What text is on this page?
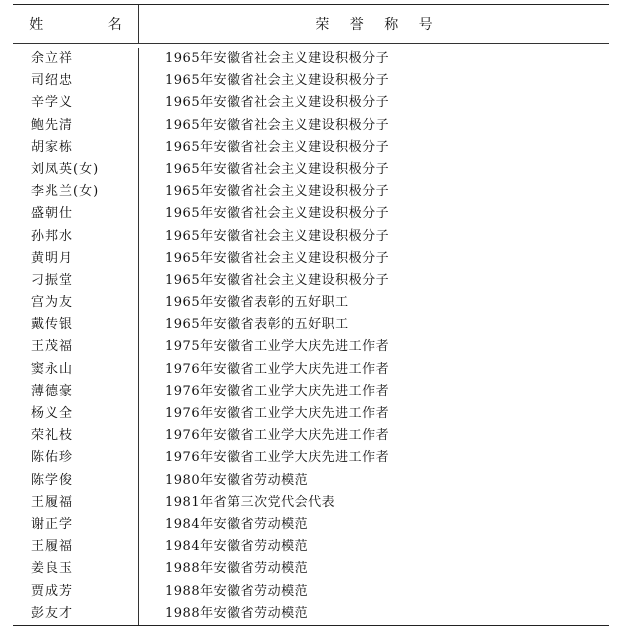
姓 名	荣 誉 称 号
余立祥	1965年安徽省社会主义建设积极分子
司绍忠	1965年安徽省社会主义建设积极分子
辛学义	1965年安徽省社会主义建设积极分子
鲍先清	1965年安徽省社会主义建设积极分子
胡家栋	1965年安徽省社会主义建设积极分子
刘凤英(女)	1965年安徽省社会主义建设积极分子
李兆兰(女)	1965年安徽省社会主义建设积极分子
盛朝仕	1965年安徽省社会主义建设积极分子
孙邦水	1965年安徽省社会主义建设积极分子
黄明月	1965年安徽省社会主义建设积极分子
刁振堂	1965年安徽省社会主义建设积极分子
宫为友	1965年安徽省表彰的五好职工
戴传银	1965年安徽省表彰的五好职工
王茂福	1975年安徽省工业学大庆先进工作者
窦永山	1976年安徽省工业学大庆先进工作者
薄德豪	1976年安徽省工业学大庆先进工作者
杨义全	1976年安徽省工业学大庆先进工作者
荣礼枝	1976年安徽省工业学大庆先进工作者
陈佑珍	1976年安徽省工业学大庆先进工作者
陈学俊	1980年安徽省劳动模范
王履福	1981年省第三次党代会代表
谢正学	1984年安徽省劳动模范
王履福	1984年安徽省劳动模范
姜良玉	1988年安徽省劳动模范
贾成芳	1988年安徽省劳动模范
彭友才	1988年安徽省劳动模范
